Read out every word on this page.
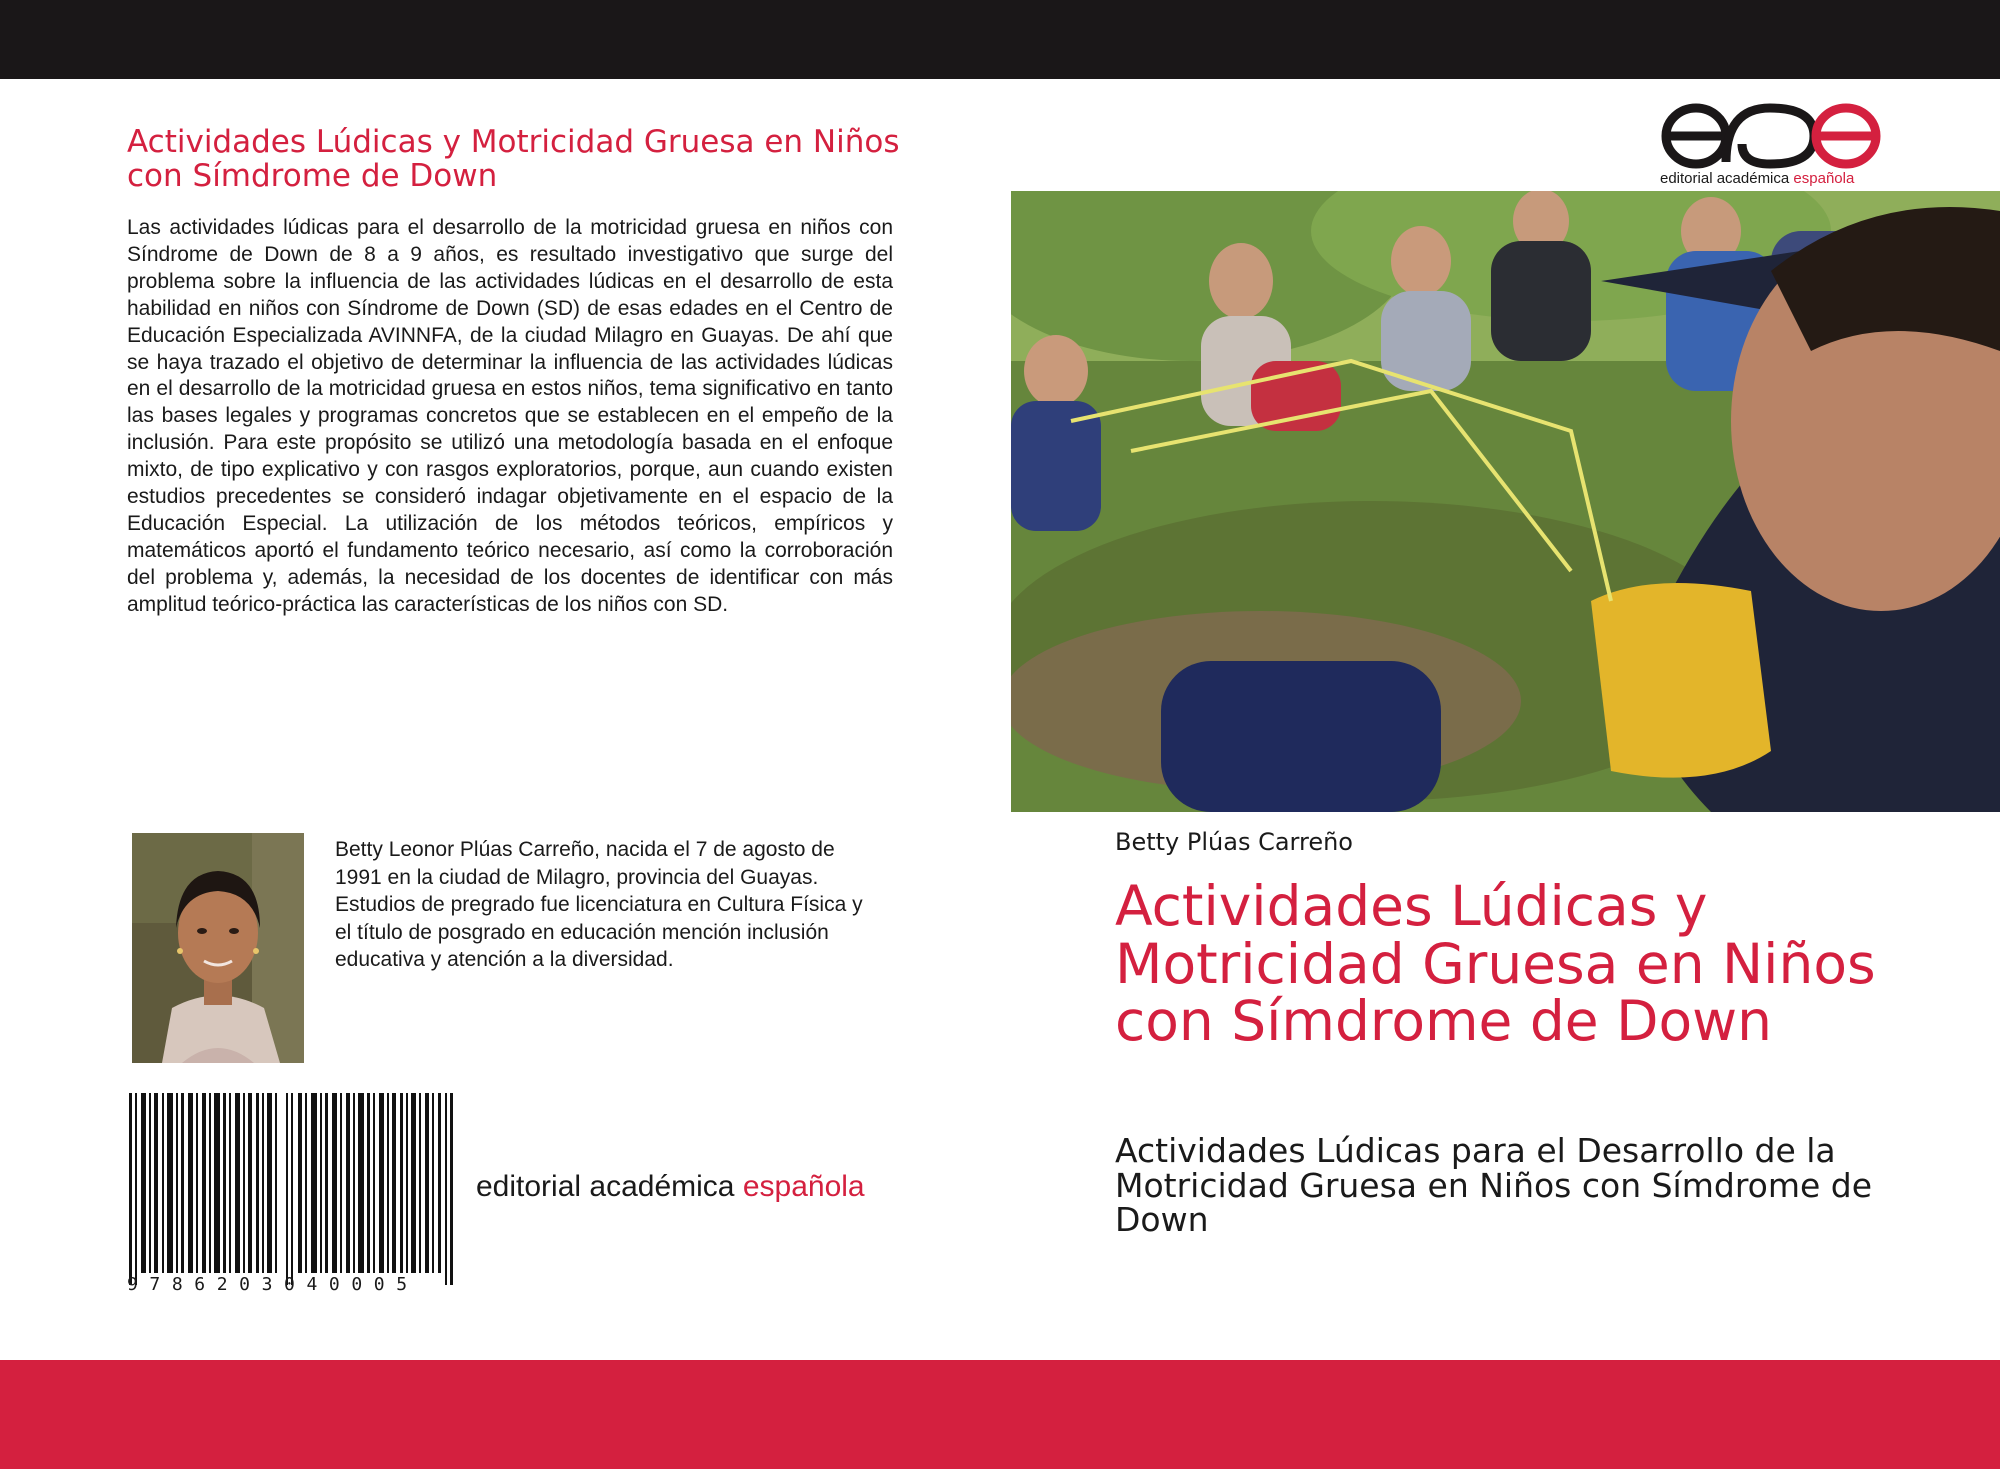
Actividades Lúdicas y Motricidad Gruesa en Niños con Símdrome de Down

Las actividades lúdicas para el desarrollo de la motricidad gruesa en niños con Síndrome de Down de 8 a 9 años, es resultado investigativo que surge del problema sobre la influencia de las actividades lúdicas en el desarrollo de esta habilidad en niños con Síndrome de Down (SD) de esas edades en el Centro de Educación Especializada AVINNFA, de la ciudad Milagro en Guayas. De ahí que se haya trazado el objetivo de determinar la influencia de las actividades lúdicas en el desarrollo de la motricidad gruesa en estos niños, tema significativo en tanto las bases legales y programas concretos que se establecen en el empeño de la inclusión. Para este propósito se utilizó una metodología basada en el enfoque mixto, de tipo explicativo y con rasgos exploratorios, porque, aun cuando existen estudios precedentes se consideró indagar objetivamente en el espacio de la Educación Especial. La utilización de los métodos teóricos, empíricos y matemáticos aportó el fundamento teórico necesario, así como la corroboración del problema y, además, la necesidad de los docentes de identificar con más amplitud teórico-práctica las características de los niños con SD.

Betty Leonor Plúas Carreño, nacida el 7 de agosto de 1991 en la ciudad de Milagro, provincia del Guayas. Estudios de pregrado fue licenciatura en Cultura Física y el título de posgrado en educación mención inclusión educativa y atención a la diversidad.

9786203040005
editorial académica española
editorial académica española
Betty Plúas Carreño
Actividades Lúdicas y Motricidad Gruesa en Niños con Símdrome de Down
Actividades Lúdicas para el Desarrollo de la Motricidad Gruesa en Niños con Símdrome de Down
